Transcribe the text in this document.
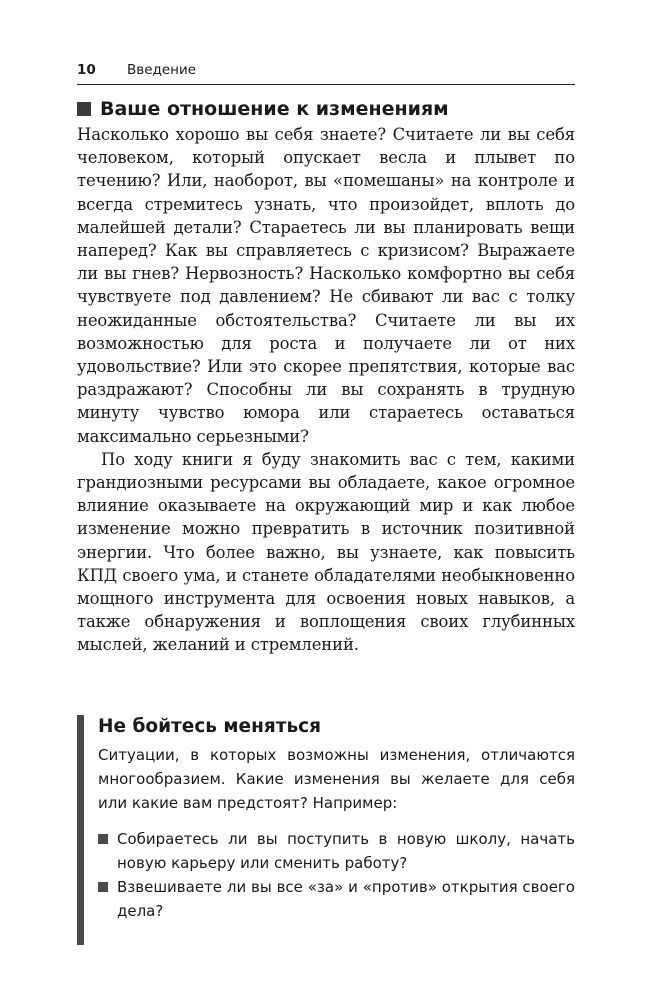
10	Введение
Ваше отношение к изменениям

Насколько хорошо вы себя знаете? Считаете ли вы себя человеком, который опускает весла и плывет по течению? Или, наоборот, вы «помешаны» на контроле и всегда стремитесь узнать, что произойдет, вплоть до малейшей детали? Стараетесь ли вы планировать вещи наперед? Как вы справляетесь с кризисом? Выражаете ли вы гнев? Нервозность? Насколько комфортно вы себя чувствуете под давлением? Не сбивают ли вас с толку неожиданные обстоятельства? Считаете ли вы их возможностью для роста и получаете ли от них удовольствие? Или это скорее препятствия, которые вас раздражают? Способны ли вы сохранять в трудную минуту чувство юмора или стараетесь оставаться максимально серьезными?

По ходу книги я буду знакомить вас с тем, какими грандиозными ресурсами вы обладаете, какое огромное влияние оказываете на окружающий мир и как любое изменение можно превратить в источник позитивной энергии. Что более важно, вы узнаете, как повысить КПД своего ума, и станете обладателями необыкновенно мощного инструмента для освоения новых навыков, а также обнаружения и воплощения своих глубинных мыслей, желаний и стремлений.

Не бойтесь меняться

Ситуации, в которых возможны изменения, отличаются многообразием. Какие изменения вы желаете для себя или какие вам предстоят? Например:

Собираетесь ли вы поступить в новую школу, начать новую карьеру или сменить работу?
Взвешиваете ли вы все «за» и «против» открытия своего дела?
